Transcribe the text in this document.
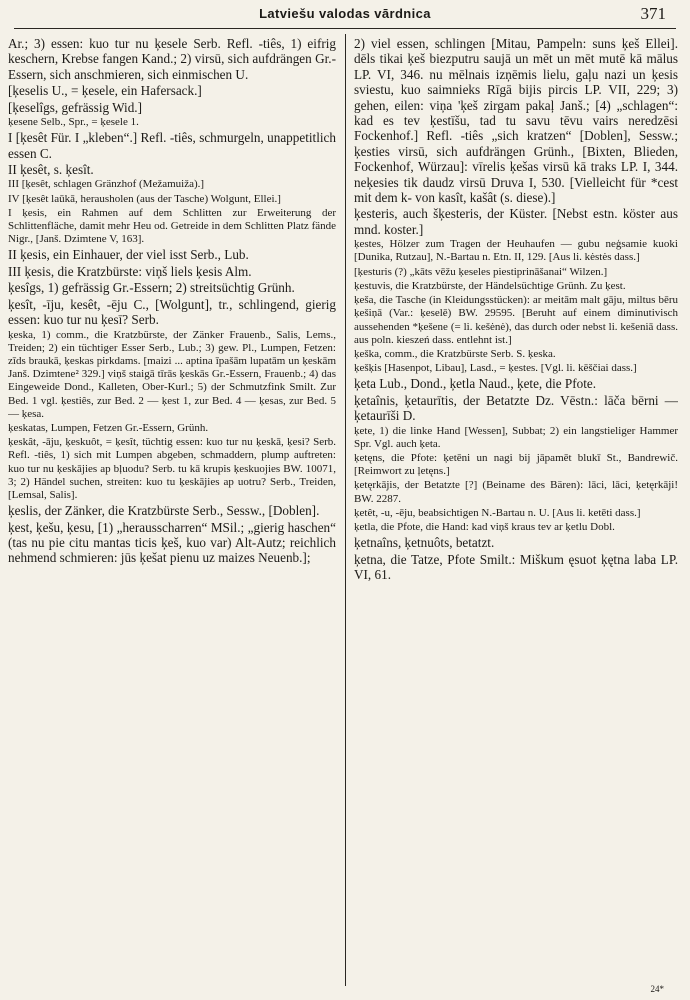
Latviešu valodas vārdnica	371

Ar.; 3) essen: kuo tur nu ķesele Serb. Refl. -tiês, 1) eifrig keschern, Krebse fangen Kand.; 2) virsū, sich aufdrängen Gr.-Essern, sich anschmieren, sich einmischen U.

[ķeselis U., = ķesele, ein Hafersack.]

[ķeselîgs, gefrässig Wid.]

ķesene Selb., Spr., = ķesele 1.

I [ķesêt Für. I „kleben“.] Refl. -tiês, schmurgeln, unappetitlich essen C.

II ķesêt, s. ķesît.

III [ķesêt, schlagen Gränzhof (Mežamuiža).]

IV [ķesêt laūkā, herausholen (aus der Tasche) Wolgunt, Ellei.]

I ķesis, ein Rahmen auf dem Schlitten zur Erweiterung der Schlittenfläche, damit mehr Heu od. Getreide in dem Schlitten Platz fände Nigr., [Janš. Dzimtene V, 163].

II ķesis, ein Einhauer, der viel isst Serb., Lub.

III ķesis, die Kratzbürste: viņš liels ķesis Alm.

ķesîgs, 1) gefrässig Gr.-Essern; 2) streitsüchtig Grünh.

ķesît, -īju, kesêt, -ēju C., [Wolgunt], tr., schlingend, gierig essen: kuo tur nu ķesī? Serb.

ķeska, 1) comm., die Kratzbürste, der Zänker Frauenb., Salis, Lems., Treiden; 2) ein tüchtiger Esser Serb., Lub.; 3) gew. Pl., Lumpen, Fetzen: zīds braukā, ķeskas pirkdams. [maizi ... aptina īpašām lupatām un ķeskām Janš. Dzimtene² 329.] viņš staigā tīrās ķeskās Gr.-Essern, Frauenb.; 4) das Eingeweide Dond., Kalleten, Ober-Kurl.; 5) der Schmutzfink Smilt. Zur Bed. 1 vgl. ķestiês, zur Bed. 2 — ķest 1, zur Bed. 4 — ķesas, zur Bed. 5 — ķesa.

ķeskatas, Lumpen, Fetzen Gr.-Essern, Grünh.

ķeskât, -āju, ķeskuôt, = ķesît, tüchtig essen: kuo tur nu ķeskā, ķesi? Serb. Refl. -tiês, 1) sich mit Lumpen abgeben, schmaddern, plump auftreten: kuo tur nu ķeskājies ap bļuodu? Serb. tu kā krupis ķeskuojies BW. 10071, 3; 2) Händel suchen, streiten: kuo tu ķeskājies ap uotru? Serb., Treiden, [Lemsal, Salis].

ķeslis, der Zänker, die Kratzbürste Serb., Sessw., [Doblen].

ķest, ķešu, ķesu, [1) „herausscharren“ MSil.; „gierig haschen“ (tas nu pie citu mantas ticis ķeš, kuo var) Alt-Autz; reichlich nehmend schmieren: jūs ķešat pienu uz maizes Neuenb.];

2) viel essen, schlingen [Mitau, Pampeln: suns ķeš Ellei]. dēls tikai ķeš biezputru saujā un mēt un mēt mutē kā mālus LP. VI, 346. nu mēlnais izņēmis lielu, gaļu nazi un ķesis sviestu, kuo saimnieks Rīgā bijis pircis LP. VII, 229; 3) gehen, eilen: viņa 'ķeš zirgam pakaļ Janš.; [4) „schlagen“: kad es tev ķestīšu, tad tu savu tēvu vairs neredzēsi Fockenhof.] Refl. -tiês „sich kratzen“ [Doblen], Sessw.; ķesties virsū, sich aufdrängen Grünh., [Bixten, Blieden, Fockenhof, Würzau]: vīrelis ķešas virsū kā traks LP. I, 344. neķesies tik daudz virsū Druva I, 530. [Vielleicht für *cest mit dem k- von kasît, kašât (s. diese).]

ķesteris, auch šķesteris, der Küster. [Nebst estn. köster aus mnd. koster.]

ķestes, Hölzer zum Tragen der Heuhaufen — gubu neģsamie kuoki [Dunika, Rutzau], N.-Bartau n. Etn. II, 129. [Aus li. kėstės dass.]

[ķesturis (?) „kāts vēžu ķeseles piestiprināšanai“ Wilzen.]

ķestuvis, die Kratzbürste, der Händelsüchtige Grünh. Zu ķest.

ķeša, die Tasche (in Kleidungsstücken): ar meitām malt gāju, miltus bēru ķešiņā (Var.: ķeselē) BW. 29595. [Beruht auf einem diminutivisch aussehenden *ķešene (= li. kešėnė), das durch oder nebst li. kešeniā dass. aus poln. kieszeń dass. entlehnt ist.]

ķeška, comm., die Kratzbürste Serb. S. ķeska.

ķešķis [Hasenpot, Libau], Lasd., = ķestes. [Vgl. li. kēščiai dass.]

ķeta Lub., Dond., ķetla Naud., ķete, die Pfote.

ķetaînis, ķetaurītis, der Betatzte Dz. Vēstn.: lāča bērni — ķetaurīši D.

ķete, 1) die linke Hand [Wessen], Subbat; 2) ein langstieliger Hammer Spr. Vgl. auch ķeta.

ķetęns, die Pfote: ķetēni un nagi bij jāpamēt blukī St., Bandrewič. [Reimwort zu ļetęns.]

ķetęrkājis, der Betatzte [?] (Beiname des Bären): lāci, lāci, ķetęrkāji! BW. 2287.

ķetêt, -u, -ēju, beabsichtigen N.-Bartau n. U. [Aus li. ketēti dass.]

ķetla, die Pfote, die Hand: kad viņš kraus tev ar ķetlu Dobl.

ķetnaîns, ķetnuôts, betatzt.

ķetna, die Tatze, Pfote Smilt.: Miškum ęsuot ķętna laba LP. VI, 61.

24*
